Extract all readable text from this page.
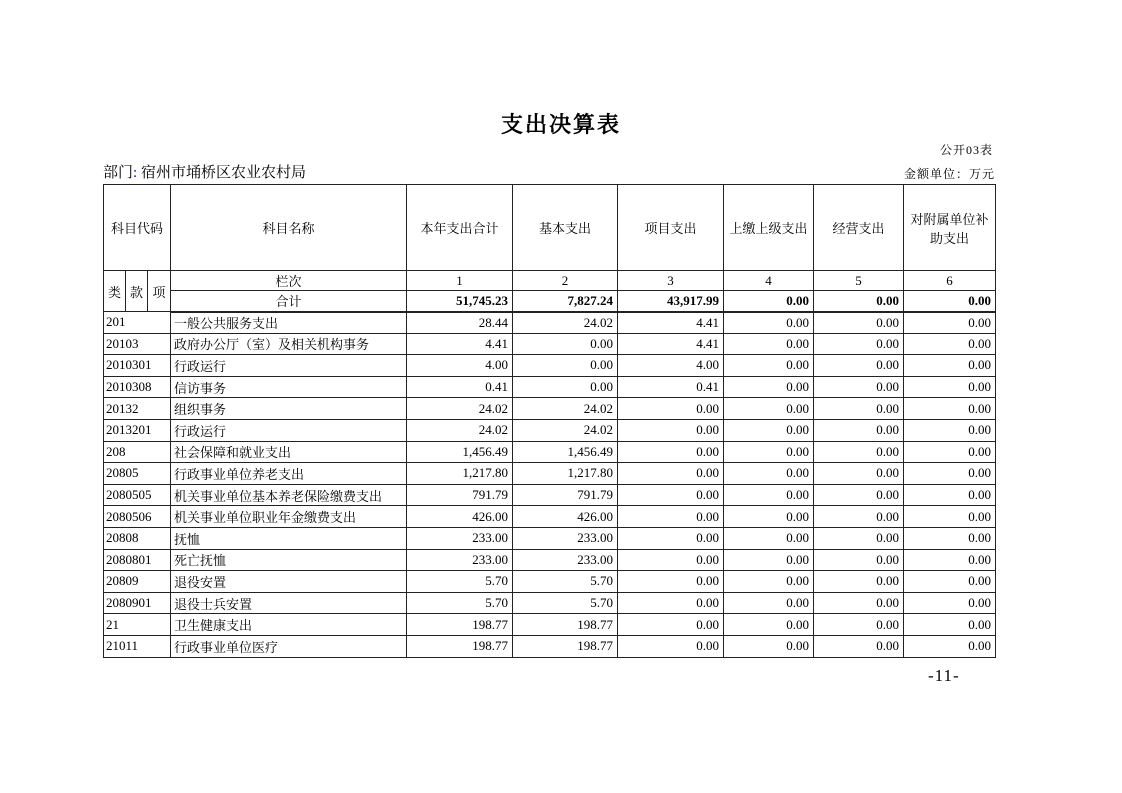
支出决算表
公开03表
部门: 宿州市埇桥区农业农村局	金额单位：万元
科目代码			科目名称	本年支出合计	基本支出	项目支出	上缴上级支出	经营支出	对附属单位补助支出
类	款	项	栏次	1	2	3	4	5	6
			合计	51,745.23	7,827.24	43,917.99	0.00	0.00	0.00
201			一般公共服务支出	28.44	24.02	4.41	0.00	0.00	0.00
20103			政府办公厅（室）及相关机构事务	4.41	0.00	4.41	0.00	0.00	0.00
2010301			行政运行	4.00	0.00	4.00	0.00	0.00	0.00
2010308			信访事务	0.41	0.00	0.41	0.00	0.00	0.00
20132			组织事务	24.02	24.02	0.00	0.00	0.00	0.00
2013201			行政运行	24.02	24.02	0.00	0.00	0.00	0.00
208			社会保障和就业支出	1,456.49	1,456.49	0.00	0.00	0.00	0.00
20805			行政事业单位养老支出	1,217.80	1,217.80	0.00	0.00	0.00	0.00
2080505			机关事业单位基本养老保险缴费支出	791.79	791.79	0.00	0.00	0.00	0.00
2080506			机关事业单位职业年金缴费支出	426.00	426.00	0.00	0.00	0.00	0.00
20808			抚恤	233.00	233.00	0.00	0.00	0.00	0.00
2080801			死亡抚恤	233.00	233.00	0.00	0.00	0.00	0.00
20809			退役安置	5.70	5.70	0.00	0.00	0.00	0.00
2080901			退役士兵安置	5.70	5.70	0.00	0.00	0.00	0.00
21			卫生健康支出	198.77	198.77	0.00	0.00	0.00	0.00
21011			行政事业单位医疗	198.77	198.77	0.00	0.00	0.00	0.00
-11-
